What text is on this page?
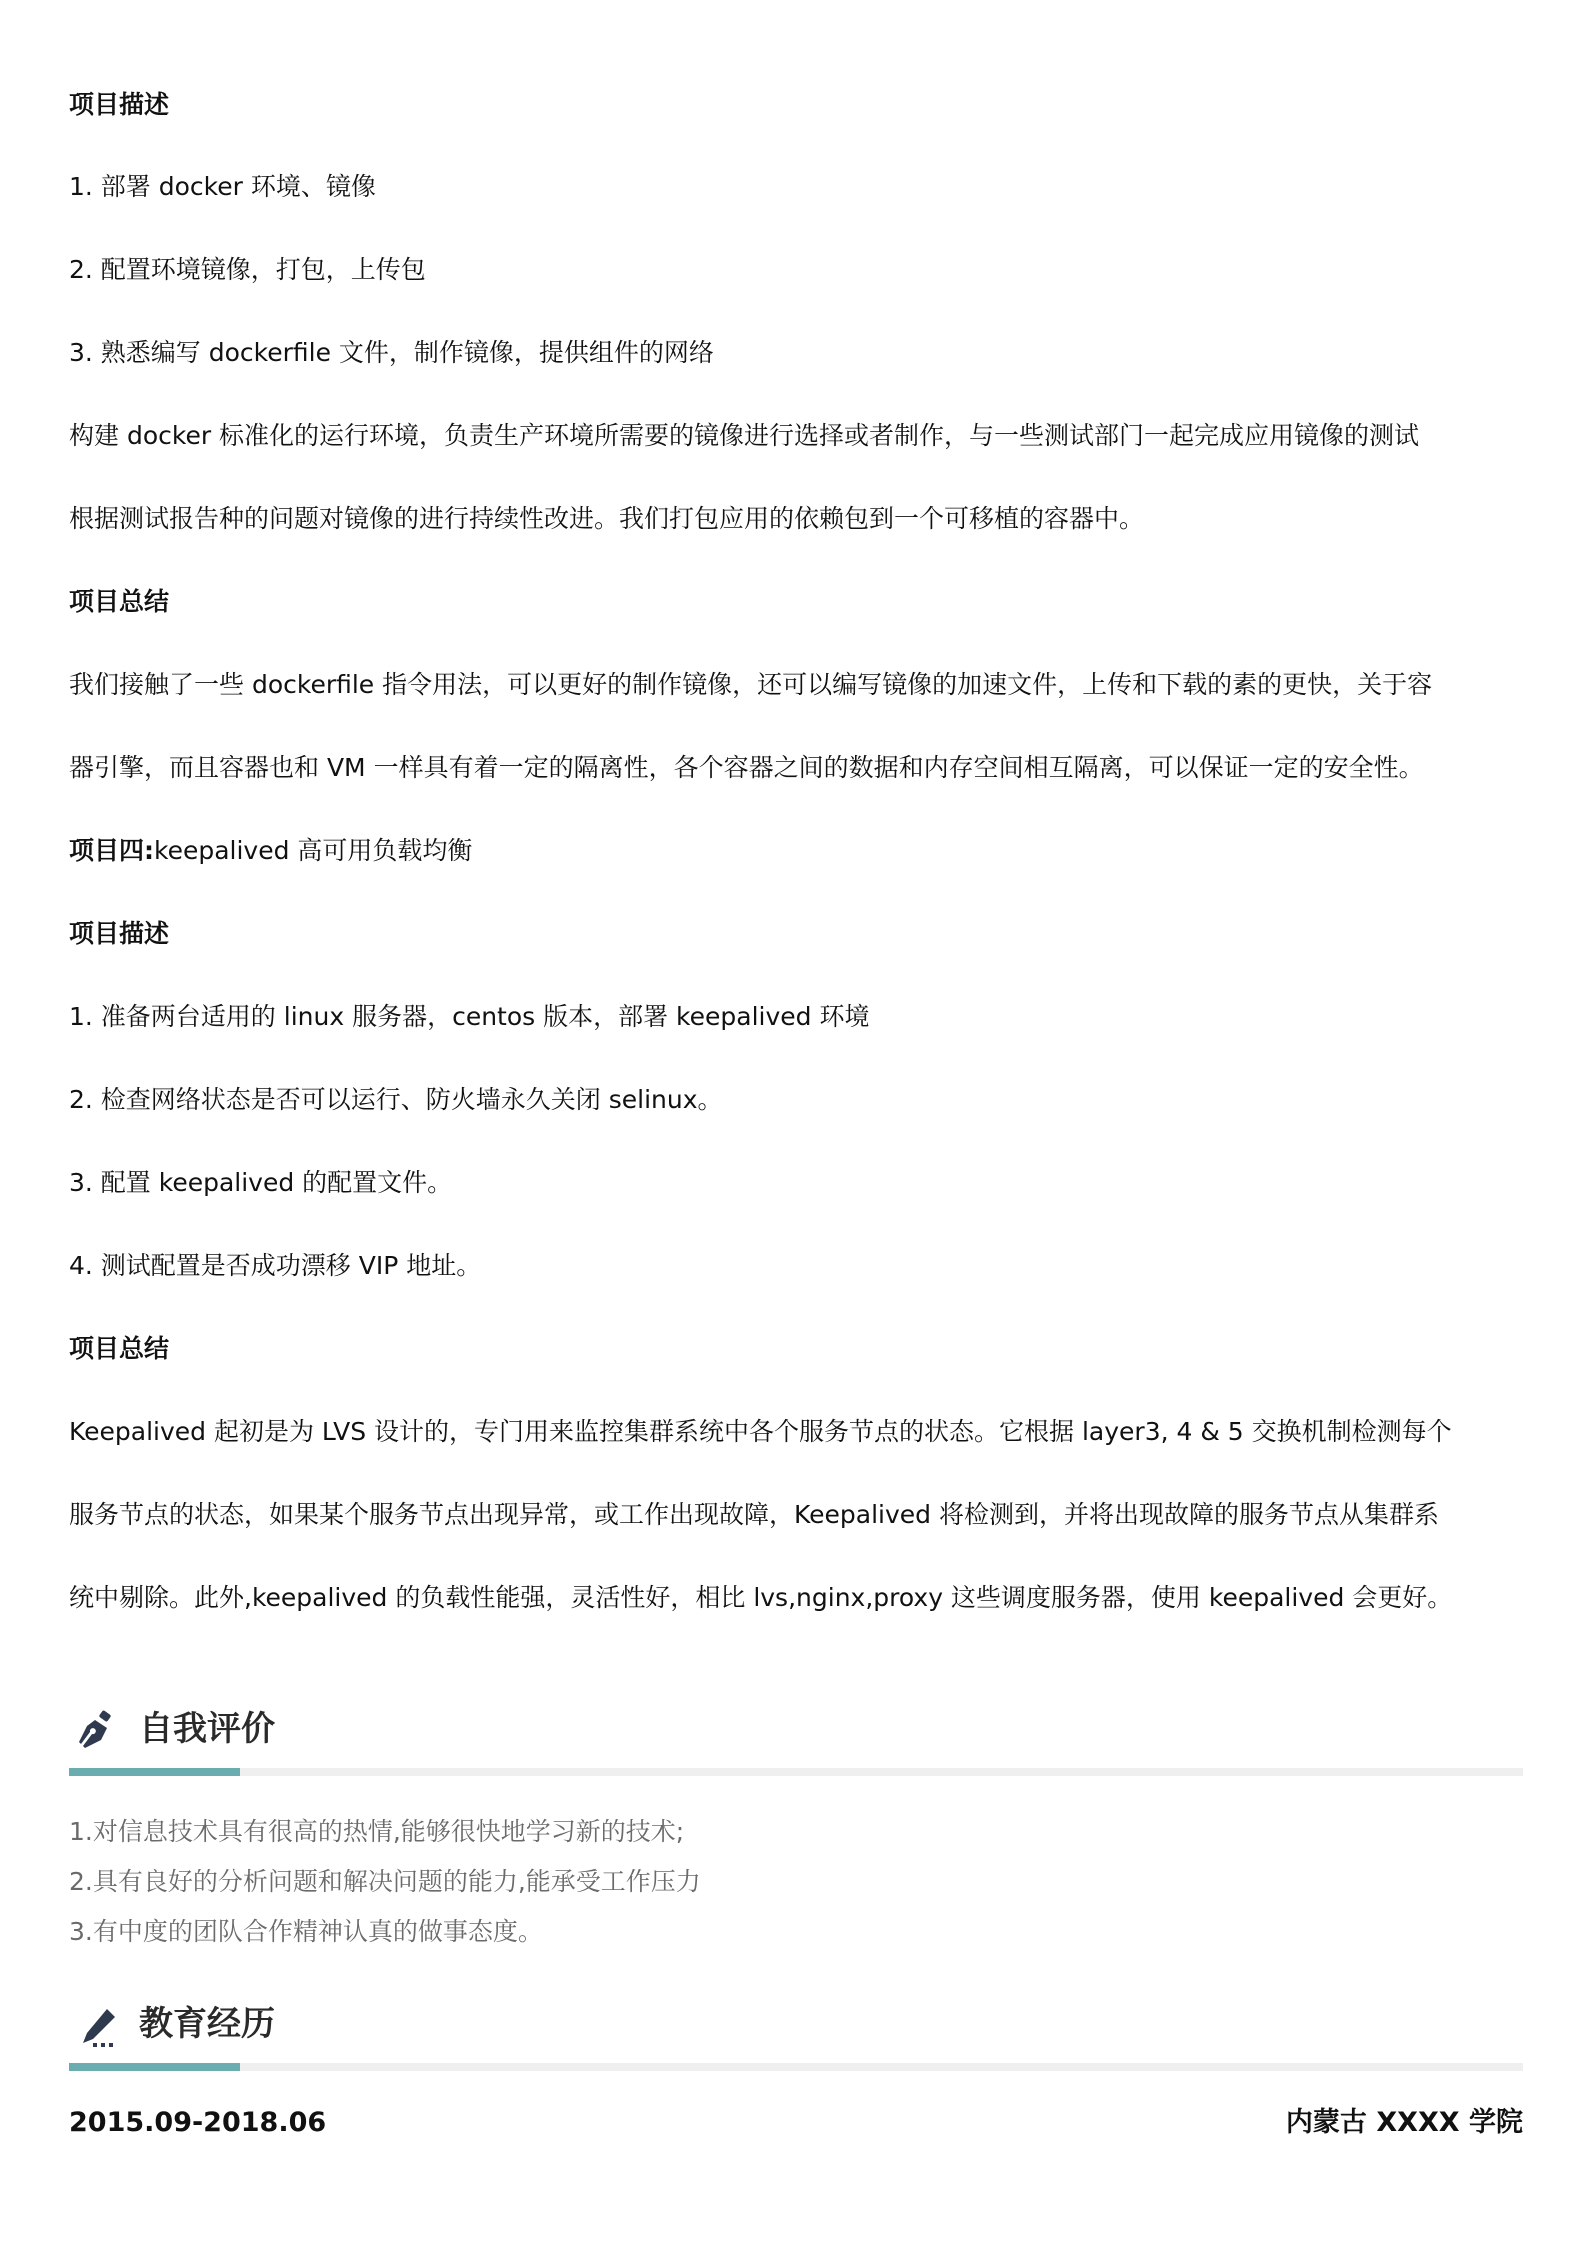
项目描述
1. 部署 docker 环境、镜像
2. 配置环境镜像，打包，上传包
3. 熟悉编写 dockerfile 文件，制作镜像，提供组件的网络
构建 docker 标准化的运行环境，负责生产环境所需要的镜像进行选择或者制作，与一些测试部门一起完成应用镜像的测试
根据测试报告种的问题对镜像的进行持续性改进。我们打包应用的依赖包到一个可移植的容器中。
项目总结
我们接触了一些 dockerfile 指令用法，可以更好的制作镜像，还可以编写镜像的加速文件，上传和下载的素的更快，关于容
器引擎，而且容器也和 VM 一样具有着一定的隔离性，各个容器之间的数据和内存空间相互隔离，可以保证一定的安全性。
项目四:keepalived 高可用负载均衡
项目描述
1. 准备两台适用的 linux 服务器，centos 版本，部署 keepalived 环境
2. 检查网络状态是否可以运行、防火墙永久关闭 selinux。
3. 配置 keepalived 的配置文件。
4. 测试配置是否成功漂移 VIP 地址。
项目总结
Keepalived 起初是为 LVS 设计的，专门用来监控集群系统中各个服务节点的状态。它根据 layer3, 4 & 5 交换机制检测每个
服务节点的状态，如果某个服务节点出现异常，或工作出现故障，Keepalived 将检测到，并将出现故障的服务节点从集群系
统中剔除。此外,keepalived 的负载性能强，灵活性好，相比 lvs,nginx,proxy 这些调度服务器，使用 keepalived 会更好。
自我评价
1.对信息技术具有很高的热情,能够很快地学习新的技术;
2.具有良好的分析问题和解决问题的能力,能承受工作压力
3.有中度的团队合作精神认真的做事态度。
教育经历
2015.09-2018.06	内蒙古 XXXX 学院
